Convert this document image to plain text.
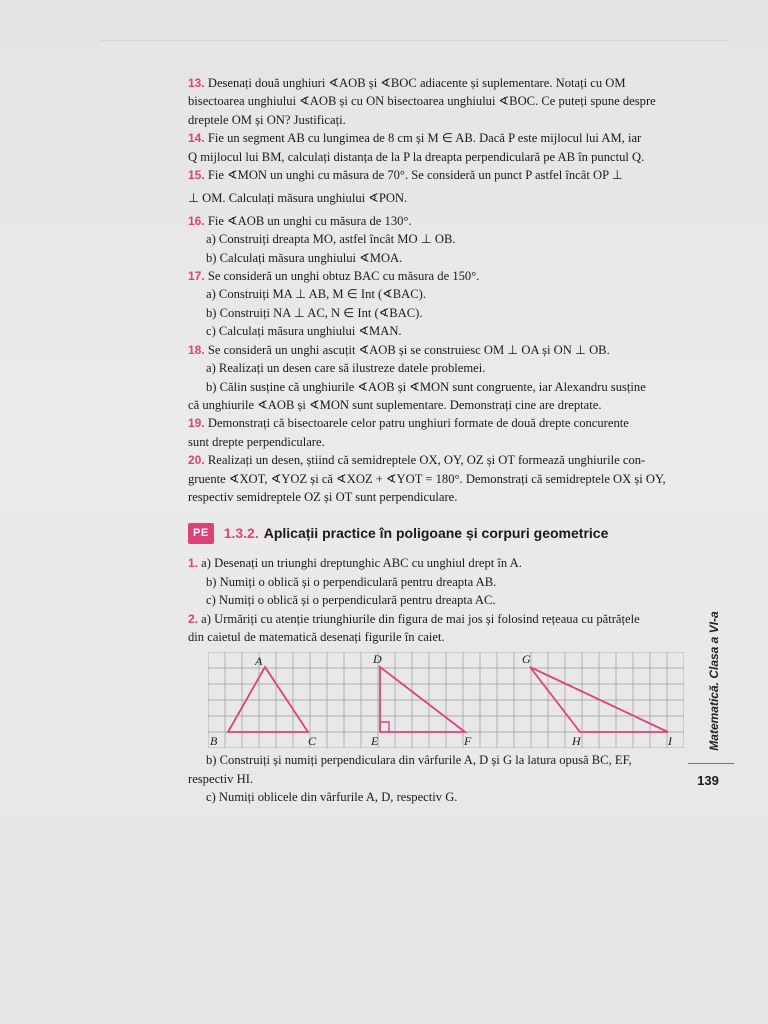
13. Desenați două unghiuri ∢AOB și ∢BOC adiacente și suplementare. Notați cu OM

bisectoarea unghiului ∢AOB și cu ON bisectoarea unghiului ∢BOC. Ce puteți spune despre

dreptele OM și ON? Justificați.

14. Fie un segment AB cu lungimea de 8 cm și M ∈ AB. Dacă P este mijlocul lui AM, iar

Q mijlocul lui BM, calculați distanța de la P la dreapta perpendiculară pe AB în punctul Q.

15. Fie ∢MON un unghi cu măsura de 70°. Se consideră un punct P astfel încât OP ⊥

⊥ OM. Calculați măsura unghiului ∢PON.

16. Fie ∢AOB un unghi cu măsura de 130°.

a) Construiți dreapta MO, astfel încât MO ⊥ OB.

b) Calculați măsura unghiului ∢MOA.

17. Se consideră un unghi obtuz BAC cu măsura de 150°.

a) Construiți MA ⊥ AB, M ∈ Int (∢BAC).

b) Construiți NA ⊥ AC, N ∈ Int (∢BAC).

c) Calculați măsura unghiului ∢MAN.

18. Se consideră un unghi ascuțit ∢AOB și se construiesc OM ⊥ OA și ON ⊥ OB.

a) Realizați un desen care să ilustreze datele problemei.

b) Călin susține că unghiurile ∢AOB și ∢MON sunt congruente, iar Alexandru susține

că unghiurile ∢AOB și ∢MON sunt suplementare. Demonstrați cine are dreptate.

19. Demonstrați că bisectoarele celor patru unghiuri formate de două drepte concurente

sunt drepte perpendiculare.

20. Realizați un desen, știind că semidreptele OX, OY, OZ și OT formează unghiurile con-

gruente ∢XOT, ∢YOZ și că ∢XOZ + ∢YOT = 180°. Demonstrați că semidreptele OX și OY,

respectiv semidreptele OZ și OT sunt perpendiculare.

PE	1.3.2. Aplicații practice în poligoane și corpuri geometrice

1. a) Desenați un triunghi dreptunghic ABC cu unghiul drept în A.

b) Numiți o oblică și o perpendiculară pentru dreapta AB.

c) Numiți o oblică și o perpendiculară pentru dreapta AC.

2. a) Urmăriți cu atenție triunghiurile din figura de mai jos și folosind rețeaua cu pătrățele

din caietul de matematică desenați figurile în caiet.

A
B	C
D
E	F
G
H	I

b) Construiți și numiți perpendiculara din vârfurile A, D și G la latura opusă BC, EF,

respectiv HI.

c) Numiți oblicele din vârfurile A, D, respectiv G.

Matematică. Clasa a VI-a
139
